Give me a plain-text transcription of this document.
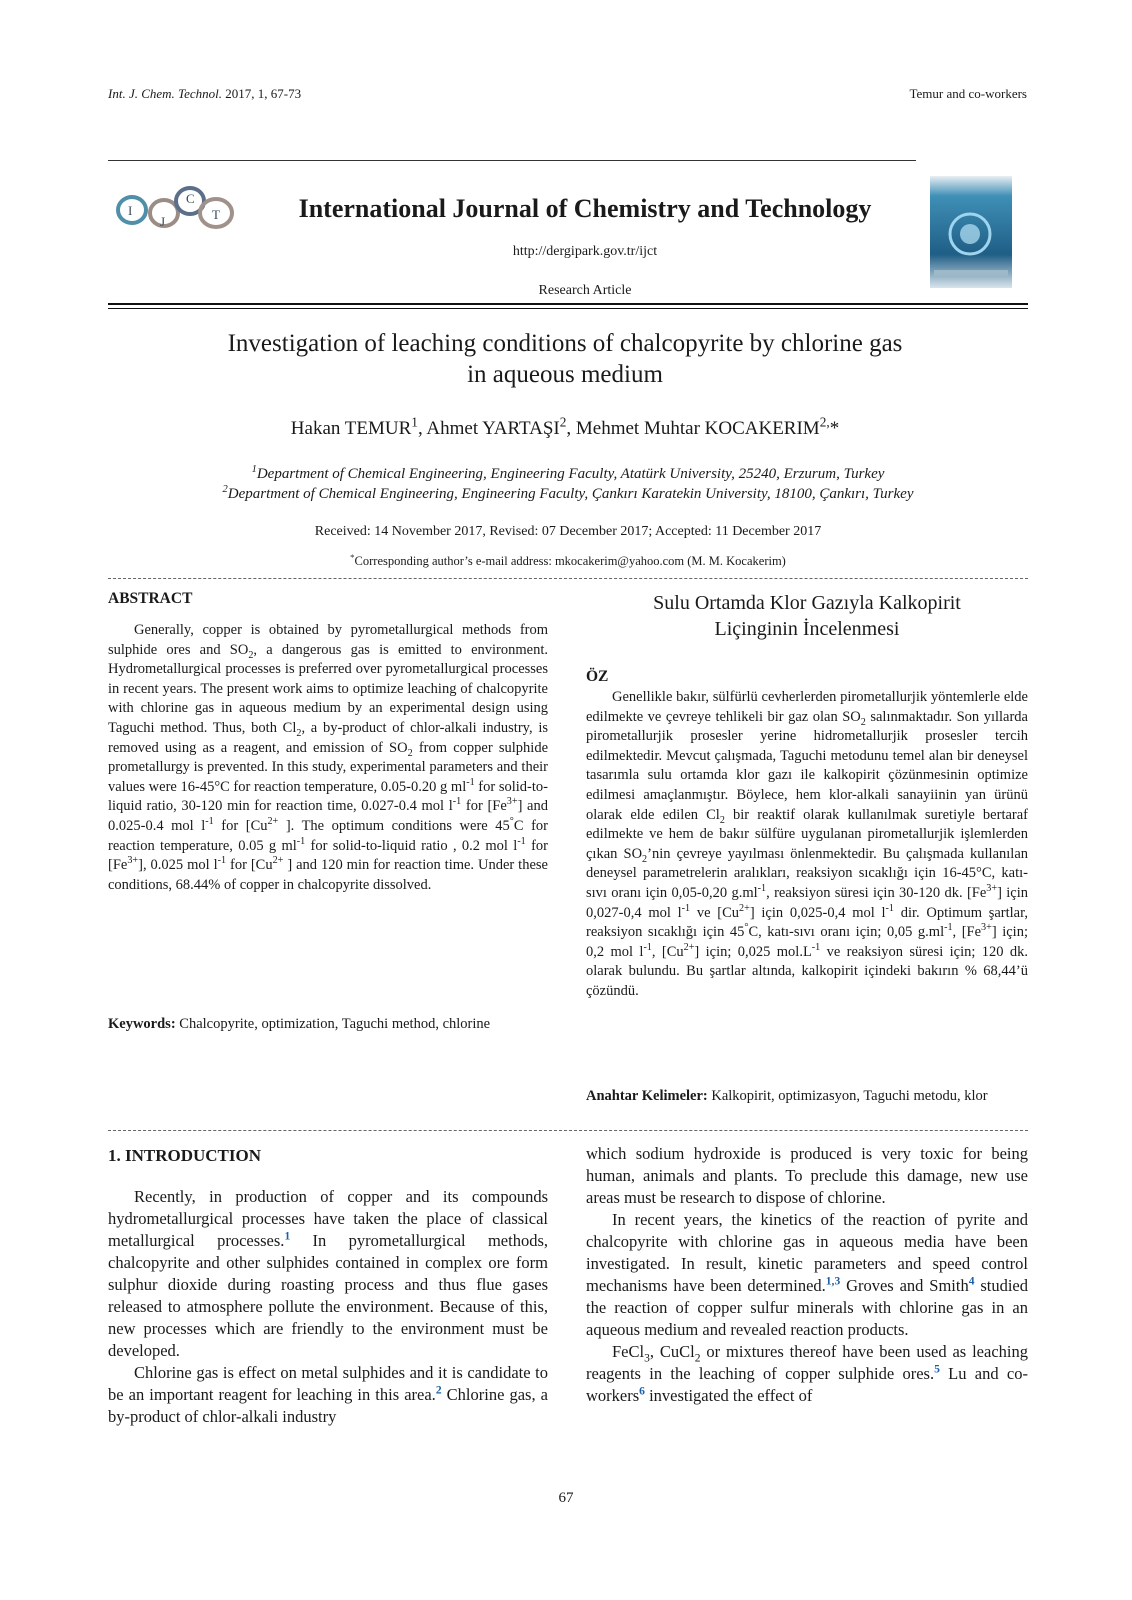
Int. J. Chem. Technol. 2017, 1, 67-73	Temur and co-workers
I
J
C
T	International Journal of Chemistry and Technology
http://dergipark.gov.tr/ijct
Research Article
Investigation of leaching conditions of chalcopyrite by chlorine gas
in aqueous medium
Hakan TEMUR$^1$, Ahmet YARTAŞI$^2$, Mehmet Muhtar $KOCAKERIM^{2,}*$
$^1$Department of Chemical Engineering, Engineering Faculty, Atatürk University, 25240, Erzurum, Turkey
$^2$Department of Chemical Engineering, Engineering Faculty, Çankırı Karatekin University, 18100, Çankırı, Turkey
Received: 14 November 2017, Revised: 07 December 2017; Accepted: 11 December 2017
*Corresponding author’s e-mail address: mkocakerim@yahoo.com (M. M. Kocakerim)
ABSTRACT

Generally, copper is obtained by pyrometallurgical methods from sulphide ores and $SO_2$, a dangerous gas is emitted to environment. Hydrometallurgical processes is preferred over pyrometallurgical processes in recent years. The present work aims to optimize leaching of chalcopyrite with chlorine gas in aqueous medium by an experimental design using Taguchi method. Thus, both $Cl_2$, a by-product of chlor-alkali industry, is removed using as a reagent, and emission of $SO_2$ from copper sulphide prometallurgy is prevented. In this study, experimental parameters and their values were 16-45°C for reaction temperature, 0.05-0.20 g $ml^{-1}$ for solid-to-liquid ratio, 30-120 min for reaction time, 0.027-0.4 mol $l^{-1}$ for $[Fe^{3+}]$ and 0.025-0.4 mol $l^{-1}$ for [$Cu^{2+}$ ]. The optimum conditions were 45°C for reaction temperature, 0.05 g $ml^{-1}$ for solid-to-liquid ratio , 0.2 mol $l^{-1}$ for $[Fe^{3+}]$, 0.025 mol $l^{-1}$ for [$Cu^{2+}$ ] and 120 min for reaction time. Under these conditions, 68.44% of copper in chalcopyrite dissolved.

Keywords: Chalcopyrite, optimization, Taguchi method, chlorine
Sulu Ortamda Klor Gazıyla Kalkopirit
Liçinginin İncelenmesi
ÖZ

Genellikle bakır, sülfürlü cevherlerden pirometallurjik yöntemlerle elde edilmekte ve çevreye tehlikeli bir gaz olan $SO_2$ salınmaktadır. Son yıllarda pirometallurjik prosesler yerine hidrometallurjik prosesler tercih edilmektedir. Mevcut çalışmada, Taguchi metodunu temel alan bir deneysel tasarımla sulu ortamda klor gazı ile kalkopirit çözünmesinin optimize edilmesi amaçlanmıştır. Böylece, hem klor-alkali sanayiinin yan ürünü olarak elde edilen $Cl_2$ bir reaktif olarak kullanılmak suretiyle bertaraf edilmekte ve hem de bakır sülfüre uygulanan pirometallurjik işlemlerden çıkan $SO_2’nin$ çevreye yayılması önlenmektedir. Bu çalışmada kullanılan deneysel parametrelerin aralıkları, reaksiyon sıcaklığı için 16-45°C, katı-sıvı oranı için 0,05-0,20 $g.ml^{-1}$, reaksiyon süresi için 30-120 dk. $[Fe^{3+}]$ için 0,027-0,4 mol $l^{-1}$ ve $[Cu^{2+}]$ için 0,025-0,4 mol $l^{-1}$ dir. Optimum şartlar, reaksiyon sıcaklığı için 45°C, katı-sıvı oranı için; 0,05 $g.ml^{-1}$, $[Fe^{3+}]$ için; 0,2 mol $l^{-1}$, $[Cu^{2+}]$ için; 0,025 $mol.L^{-1}$ ve reaksiyon süresi için; 120 dk. olarak bulundu. Bu şartlar altında, kalkopirit içindeki bakırın % 68,44’ü çözündü.

Anahtar Kelimeler: Kalkopirit, optimizasyon, Taguchi metodu, klor
1. INTRODUCTION

Recently, in production of copper and its compounds hydrometallurgical processes have taken the place of classical metallurgical processes.$^1$ In pyrometallurgical methods, chalcopyrite and other sulphides contained in complex ore form sulphur dioxide during roasting process and thus flue gases released to atmosphere pollute the environment. Because of this, new processes which are friendly to the environment must be developed.

Chlorine gas is effect on metal sulphides and it is candidate to be an important reagent for leaching in this area.$^2$ Chlorine gas, a by-product of chlor-alkali industry

which sodium hydroxide is produced is very toxic for being human, animals and plants. To preclude this damage, new use areas must be research to dispose of chlorine.

In recent years, the kinetics of the reaction of pyrite and chalcopyrite with chlorine gas in aqueous media have been investigated. In result, kinetic parameters and speed control mechanisms have been determined.$^{1,3}$ Groves and Smith$^4$ studied the reaction of copper sulfur minerals with chlorine gas in an aqueous medium and revealed reaction products.

FeCl$_3$, CuCl$_2$ or mixtures thereof have been used as leaching reagents in the leaching of copper sulphide ores.$^5$ Lu and co-workers$^6$ investigated the effect of

67
